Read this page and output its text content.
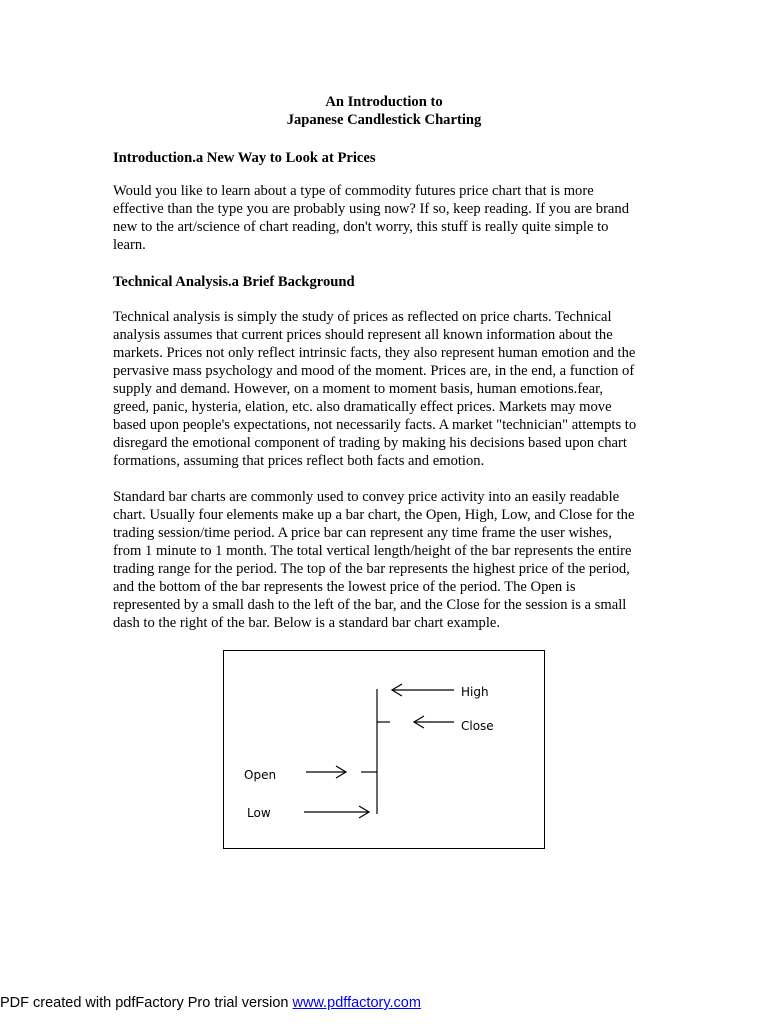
An Introduction to
Japanese Candlestick Charting
Introduction.a New Way to Look at Prices
Would you like to learn about a type of commodity futures price chart that is more
effective than the type you are probably using now? If so, keep reading. If you are brand
new to the art/science of chart reading, don't worry, this stuff is really quite simple to
learn.
Technical Analysis.a Brief Background
Technical analysis is simply the study of prices as reflected on price charts. Technical
analysis assumes that current prices should represent all known information about the
markets. Prices not only reflect intrinsic facts, they also represent human emotion and the
pervasive mass psychology and mood of the moment. Prices are, in the end, a function of
supply and demand. However, on a moment to moment basis, human emotions.fear,
greed, panic, hysteria, elation, etc. also dramatically effect prices. Markets may move
based upon people's expectations, not necessarily facts. A market "technician" attempts to
disregard the emotional component of trading by making his decisions based upon chart
formations, assuming that prices reflect both facts and emotion.
Standard bar charts are commonly used to convey price activity into an easily readable
chart. Usually four elements make up a bar chart, the Open, High, Low, and Close for the
trading session/time period. A price bar can represent any time frame the user wishes,
from 1 minute to 1 month. The total vertical length/height of the bar represents the entire
trading range for the period. The top of the bar represents the highest price of the period,
and the bottom of the bar represents the lowest price of the period. The Open is
represented by a small dash to the left of the bar, and the Close for the session is a small
dash to the right of the bar. Below is a standard bar chart example.
High
Close
Open
Low
PDF created with pdfFactory Pro trial version www.pdffactory.com
